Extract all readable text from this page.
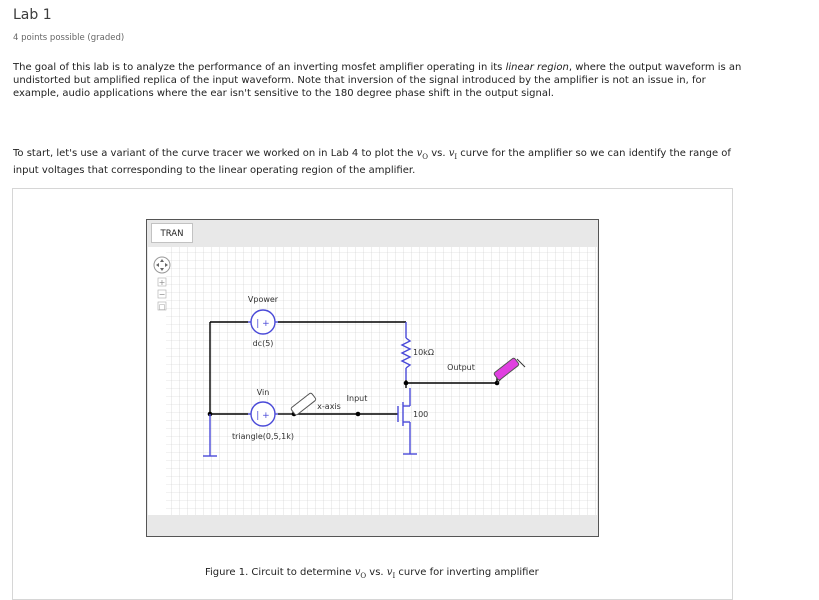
Lab 1
4 points possible (graded)

The goal of this lab is to analyze the performance of an inverting mosfet amplifier operating in its linear region, where the output waveform is an undistorted but amplified replica of the input waveform. Note that inversion of the signal introduced by the amplifier is not an issue in, for example, audio applications where the ear isn't sensitive to the 180 degree phase shift in the output signal.

To start, let's use a variant of the curve tracer we worked on in Lab 4 to plot the $v_O$ vs. $v_I$ curve for the amplifier so we can identify the range of input voltages that corresponding to the linear operating region of the amplifier.

TRAN
+
−
□
| +
| +
Vpower
dc(5)
Vin
triangle(0,5,1k)
10kΩ
Output
Input
x-axis
100
Figure 1. Circuit to determine $v_O$ vs. $v_I$ curve for inverting amplifier
